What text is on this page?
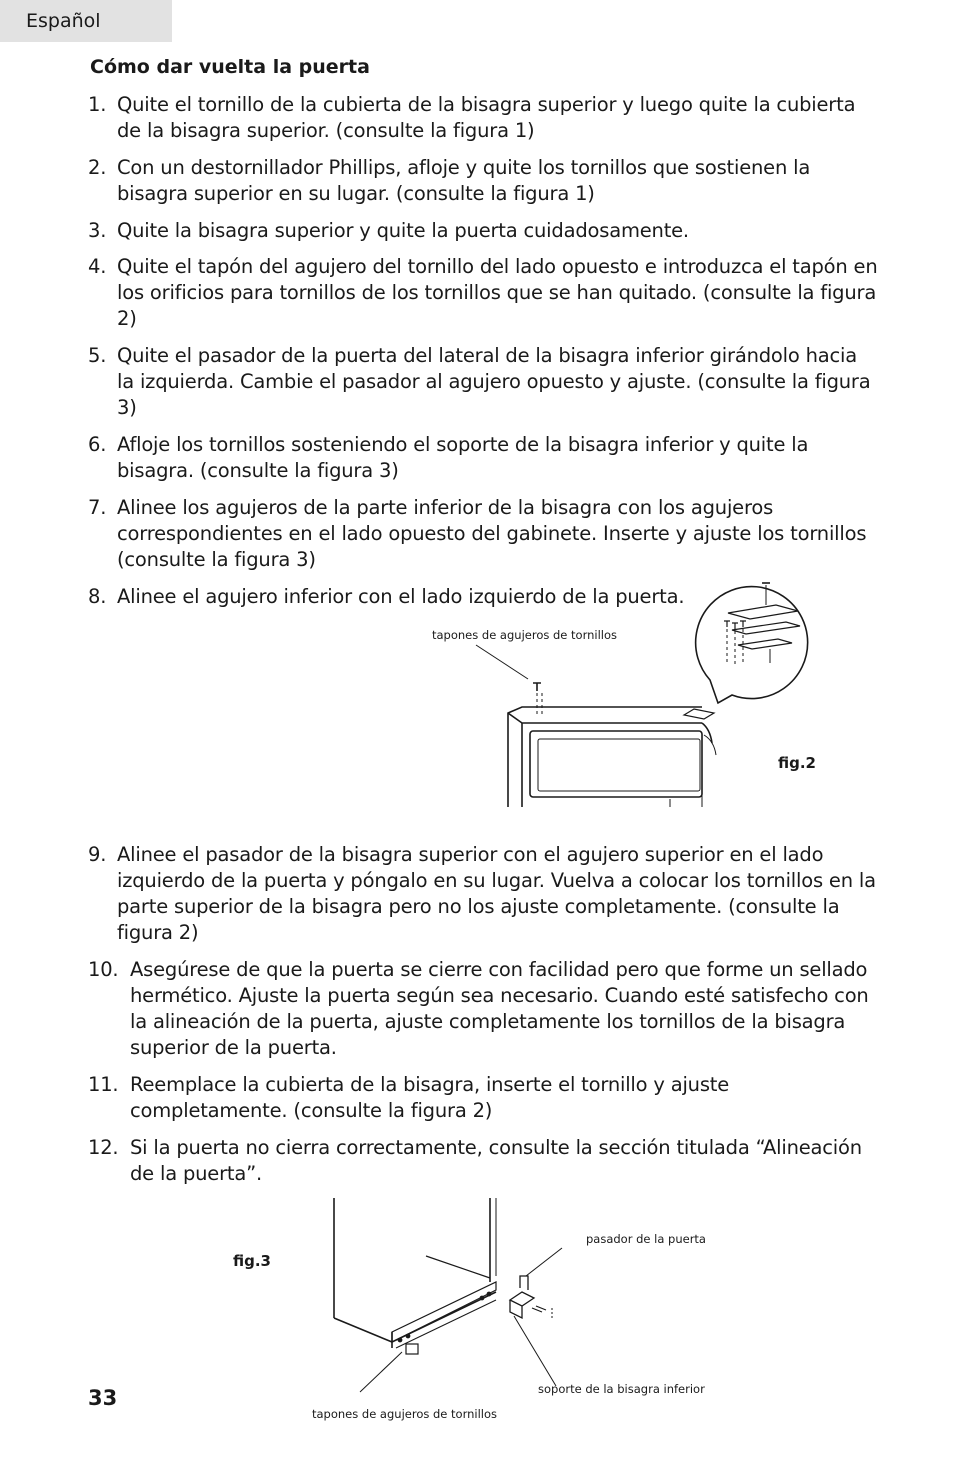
Español
Cómo dar vuelta la puerta
1. Quite el tornillo de la cubierta de la bisagra superior y luego quite la cubierta de la bisagra superior. (consulte la figura 1)
2. Con un destornillador Phillips, afloje y quite los tornillos que sostienen la bisagra superior en su lugar. (consulte la figura 1)
3. Quite la bisagra superior y quite la puerta cuidadosamente.
4. Quite el tapón del agujero del tornillo del lado opuesto e introduzca el tapón en los orificios para tornillos de los tornillos que se han quitado. (consulte la figura 2)
5. Quite el pasador de la puerta del lateral de la bisagra inferior girándolo hacia la izquierda. Cambie el pasador al agujero opuesto y ajuste. (consulte la figura 3)
6. Afloje los tornillos sosteniendo el soporte de la bisagra inferior y quite la bisagra. (consulte la figura 3)
7. Alinee los agujeros de la parte inferior de la bisagra con los agujeros correspondientes en el lado opuesto del gabinete. Inserte y ajuste los tornillos (consulte la figura 3)
8. Alinee el agujero inferior con el lado izquierdo de la puerta.
tapones de agujeros de tornillos
fig.2
9. Alinee el pasador de la bisagra superior con el agujero superior en el lado izquierdo de la puerta y póngalo en su lugar. Vuelva a colocar los tornillos en la parte superior de la bisagra pero no los ajuste completamente. (consulte la figura 2)
10. Asegúrese de que la puerta se cierre con facilidad pero que forme un sellado hermético. Ajuste la puerta según sea necesario. Cuando esté satisfecho con la alineación de la puerta, ajuste completamente los tornillos de la bisagra superior de la puerta.
11. Reemplace la cubierta de la bisagra, inserte el tornillo y ajuste completamente. (consulte la figura 2)
12. Si la puerta no cierra correctamente, consulte la sección titulada “Alineación de la puerta”.
fig.3
pasador de la puerta
soporte de la bisagra inferior
tapones de agujeros de tornillos
33
